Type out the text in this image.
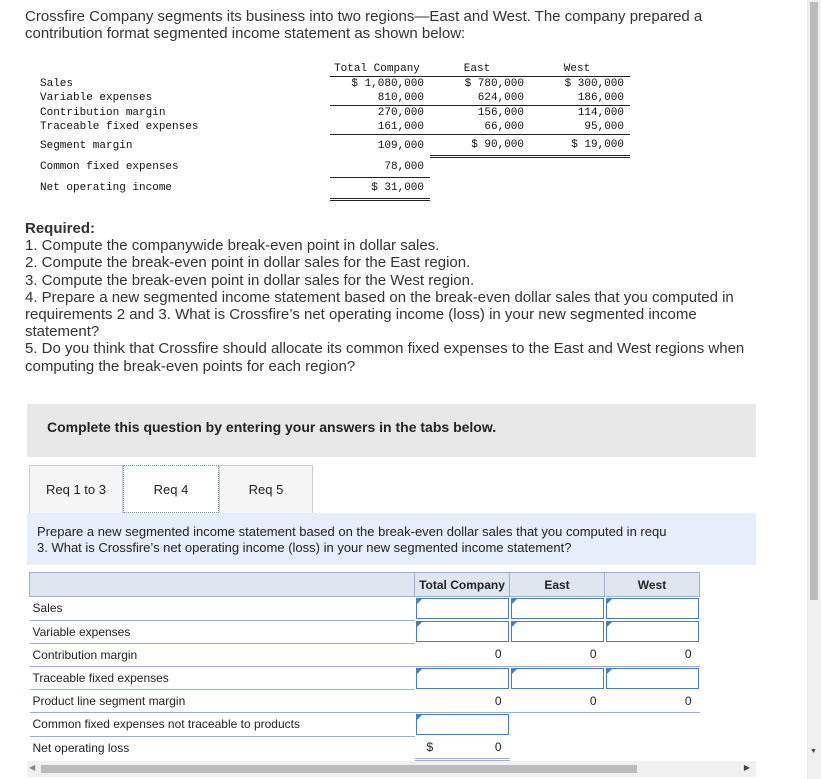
Crossfire Company segments its business into two regions—East and West. The company prepared a contribution format segmented income statement as shown below:
	Total Company	East	West
Sales	$ 1,080,000	$ 780,000	$ 300,000
Variable expenses	810,000	624,000	186,000
Contribution margin	270,000	156,000	114,000
Traceable fixed expenses	161,000	66,000	95,000
Segment margin	109,000	$ 90,000	$ 19,000
Common fixed expenses	78,000		
Net operating income	$ 31,000		
Required:
1. Compute the companywide break-even point in dollar sales.
2. Compute the break-even point in dollar sales for the East region.
3. Compute the break-even point in dollar sales for the West region.
4. Prepare a new segmented income statement based on the break-even dollar sales that you computed in requirements 2 and 3. What is Crossfire’s net operating income (loss) in your new segmented income statement?
5. Do you think that Crossfire should allocate its common fixed expenses to the East and West regions when computing the break-even points for each region?
Complete this question by entering your answers in the tabs below.
Req 1 to 3	Req 4	Req 5
Prepare a new segmented income statement based on the break-even dollar sales that you computed in requ
3. What is Crossfire’s net operating income (loss) in your new segmented income statement?
	Total Company	East	West
Sales	

Variable expenses	

Contribution margin	0	0	0
Traceable fixed expenses	

Product line segment margin	0	0	0
Common fixed expenses not traceable to products	

Net operating loss	$ 0			▼
◀	▶
